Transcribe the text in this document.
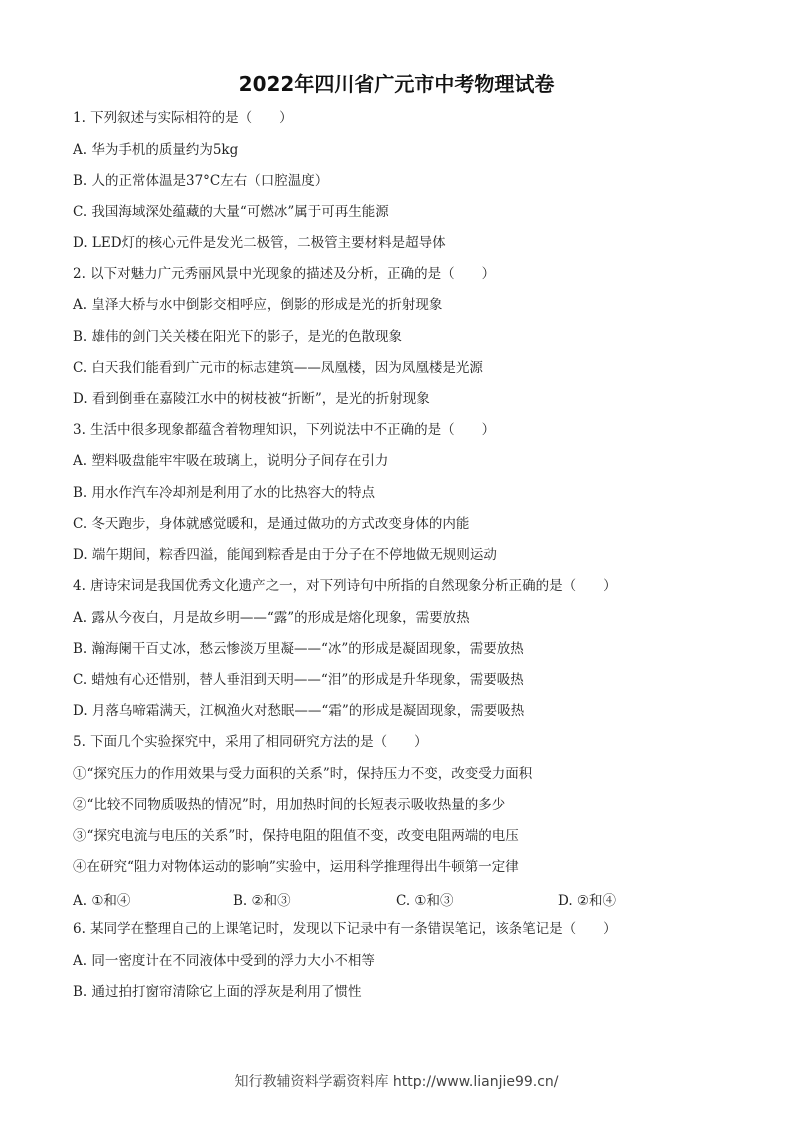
2022年四川省广元市中考物理试卷
1. 下列叙述与实际相符的是（　　）
A. 华为手机的质量约为5kg
B. 人的正常体温是37°C左右（口腔温度）
C. 我国海域深处蕴藏的大量“可燃冰”属于可再生能源
D. LED灯的核心元件是发光二极管，二极管主要材料是超导体
2. 以下对魅力广元秀丽风景中光现象的描述及分析，正确的是（　　）
A. 皇泽大桥与水中倒影交相呼应，倒影的形成是光的折射现象
B. 雄伟的剑门关关楼在阳光下的影子，是光的色散现象
C. 白天我们能看到广元市的标志建筑——凤凰楼，因为凤凰楼是光源
D. 看到倒垂在嘉陵江水中的树枝被“折断”，是光的折射现象
3. 生活中很多现象都蕴含着物理知识，下列说法中不正确的是（　　）
A. 塑料吸盘能牢牢吸在玻璃上，说明分子间存在引力
B. 用水作汽车冷却剂是利用了水的比热容大的特点
C. 冬天跑步，身体就感觉暖和，是通过做功的方式改变身体的内能
D. 端午期间，粽香四溢，能闻到粽香是由于分子在不停地做无规则运动
4. 唐诗宋词是我国优秀文化遗产之一，对下列诗句中所指的自然现象分析正确的是（　　）
A. 露从今夜白，月是故乡明——“露”的形成是熔化现象，需要放热
B. 瀚海阑干百丈冰，愁云惨淡万里凝——“冰”的形成是凝固现象，需要放热
C. 蜡烛有心还惜别，替人垂泪到天明——“泪”的形成是升华现象，需要吸热
D. 月落乌啼霜满天，江枫渔火对愁眠——“霜”的形成是凝固现象，需要吸热
5. 下面几个实验探究中，采用了相同研究方法的是（　　）
①“探究压力的作用效果与受力面积的关系”时，保持压力不变，改变受力面积
②“比较不同物质吸热的情况”时，用加热时间的长短表示吸收热量的多少
③“探究电流与电压的关系”时，保持电阻的阻值不变，改变电阻两端的电压
④在研究“阻力对物体运动的影响”实验中，运用科学推理得出牛顿第一定律
A. ①和④	B. ②和③	C. ①和③	D. ②和④
6. 某同学在整理自己的上课笔记时，发现以下记录中有一条错误笔记，该条笔记是（　　）
A. 同一密度计在不同液体中受到的浮力大小不相等
B. 通过拍打窗帘清除它上面的浮灰是利用了惯性
知行教辅资料学霸资料库 http://www.lianjie99.cn/
